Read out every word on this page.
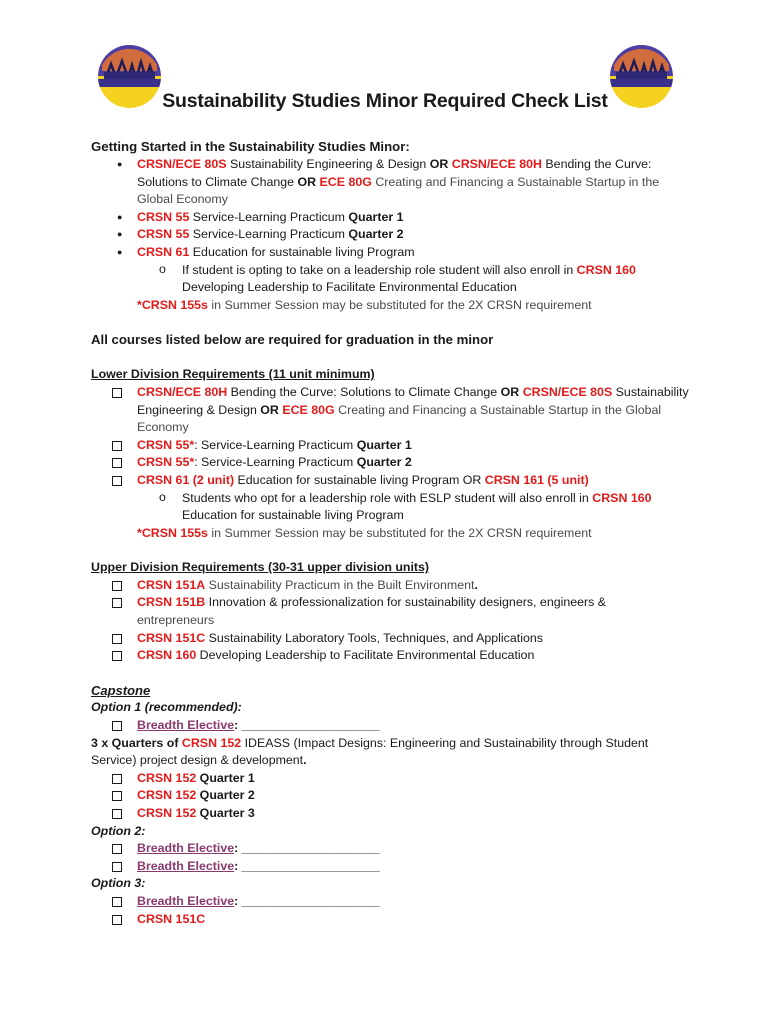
Sustainability Studies Minor Required Check List
Getting Started in the Sustainability Studies Minor:
● CRSN/ECE 80S Sustainability Engineering & Design OR CRSN/ECE 80H Bending the Curve:
Solutions to Climate Change OR ECE 80G Creating and Financing a Sustainable Startup in the
Global Economy
● CRSN 55 Service-Learning Practicum Quarter 1
● CRSN 55 Service-Learning Practicum Quarter 2
● CRSN 61 Education for sustainable living Program
o If student is opting to take on a leadership role student will also enroll in CRSN 160
Developing Leadership to Facilitate Environmental Education
*CRSN 155s in Summer Session may be substituted for the 2X CRSN requirement
All courses listed below are required for graduation in the minor
Lower Division Requirements (11 unit minimum)
CRSN/ECE 80H Bending the Curve: Solutions to Climate Change OR CRSN/ECE 80S Sustainability
Engineering & Design OR ECE 80G Creating and Financing a Sustainable Startup in the Global
Economy
CRSN 55*: Service-Learning Practicum Quarter 1
CRSN 55*: Service-Learning Practicum Quarter 2
CRSN 61 (2 unit) Education for sustainable living Program OR CRSN 161 (5 unit)
o Students who opt for a leadership role with ESLP student will also enroll in CRSN 160
Education for sustainable living Program
*CRSN 155s in Summer Session may be substituted for the 2X CRSN requirement
Upper Division Requirements (30-31 upper division units)
CRSN 151A Sustainability Practicum in the Built Environment.
CRSN 151B Innovation & professionalization for sustainability designers, engineers &
entrepreneurs
CRSN 151C Sustainability Laboratory Tools, Techniques, and Applications
CRSN 160 Developing Leadership to Facilitate Environmental Education
Capstone
Option 1 (recommended):
Breadth Elective: ____________________
3 x Quarters of CRSN 152 IDEASS (Impact Designs: Engineering and Sustainability through Student
Service) project design & development.
CRSN 152 Quarter 1
CRSN 152 Quarter 2
CRSN 152 Quarter 3
Option 2:
Breadth Elective: ____________________
Breadth Elective: ____________________
Option 3:
Breadth Elective: ____________________
CRSN 151C
